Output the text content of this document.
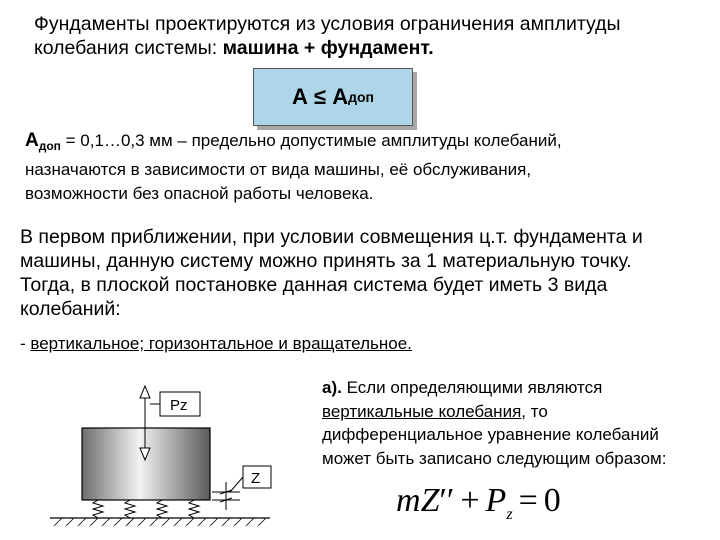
Фундаменты проектируются из условия ограничения амплитуды
колебания системы: машина + фундамент.
A
≤
A доп
$A_{доп}$ = 0,1…0,3 мм – предельно допустимые амплитуды колебаний,
назначаются в зависимости от вида машины, её обслуживания,
возможности без опасной работы человека.
В первом приближении, при условии совмещения ц.т. фундамента и
машины, данную систему можно принять за 1 материальную точку.
Тогда, в плоской постановке данная система будет иметь 3 вида
колебаний:
- вертикальное; горизонтальное и вращательное.
Pz
Z
а). Если определяющими являются
вертикальные колебания, то
дифференциальное уравнение колебаний
может быть записано следующим образом:
$mZ'' + P_z = 0$
